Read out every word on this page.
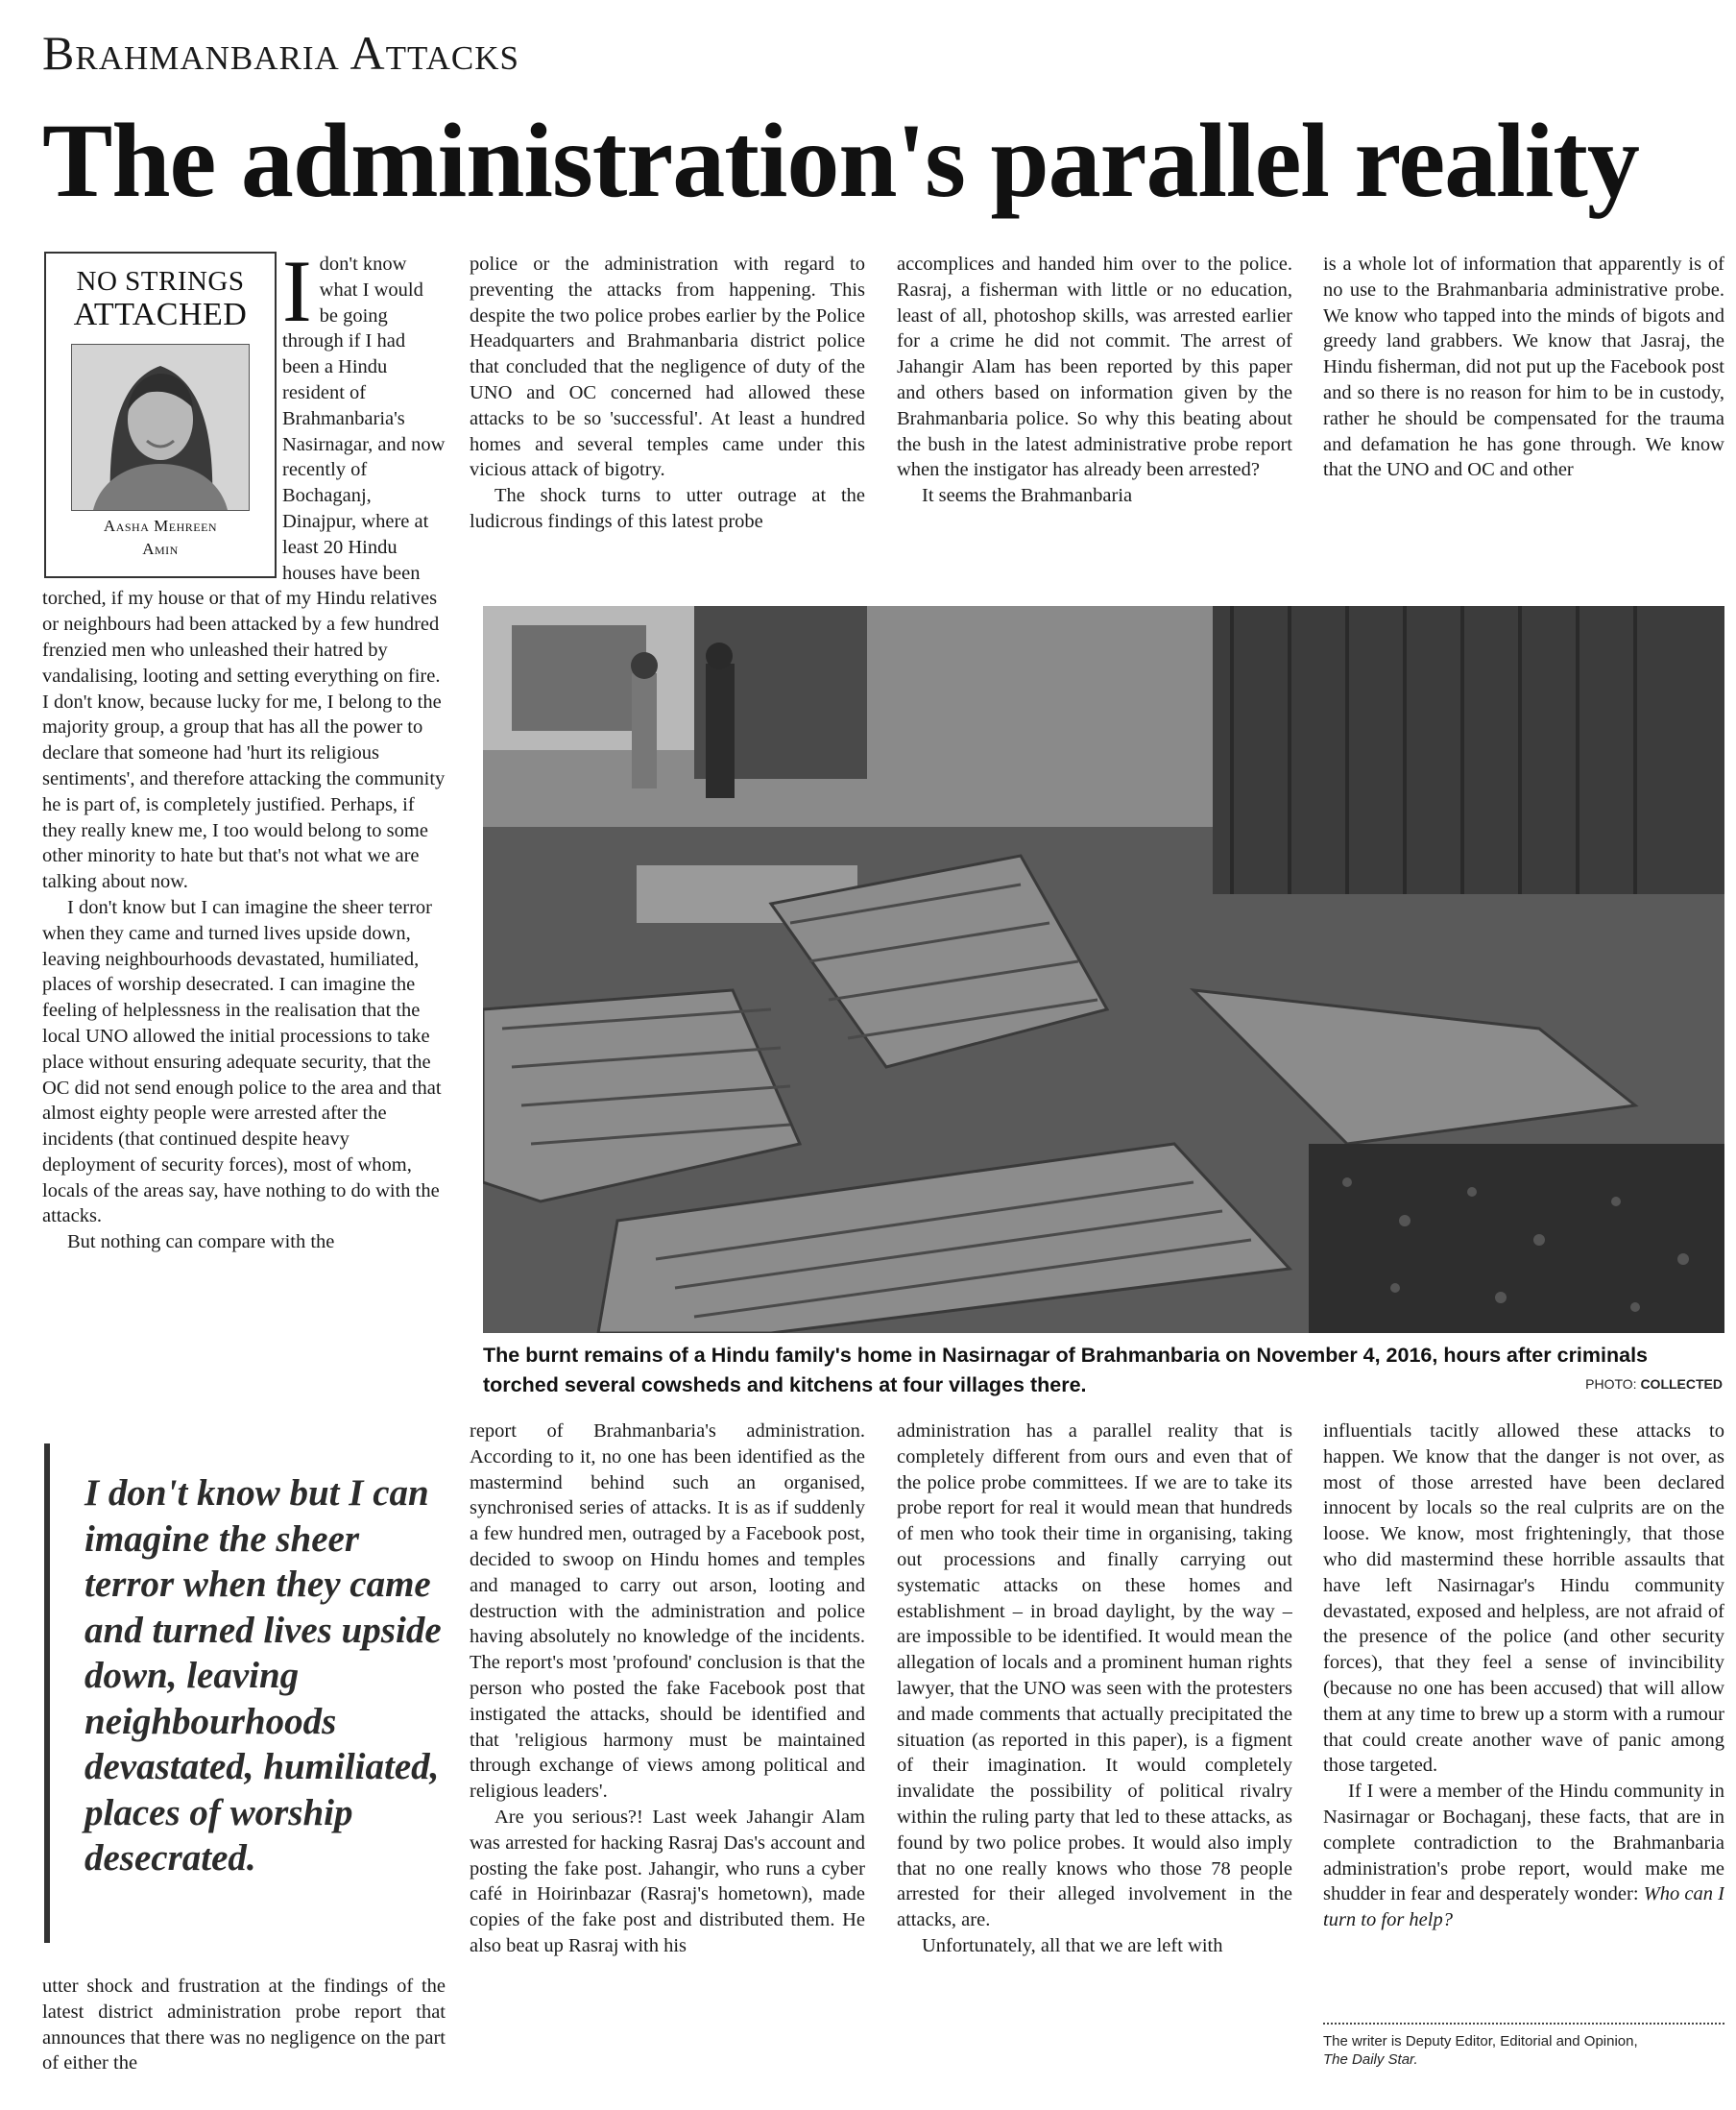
Brahmanbaria Attacks
The administration's parallel reality

I don't know what I would be going through if I had been a Hindu resident of Brahmanbaria's Nasirnagar, and now recently of Bochaganj, Dinajpur, where at least 20 Hindu houses have been torched, if my house or that of my Hindu relatives or neighbours had been attacked by a few hundred frenzied men who unleashed their hatred by vandalising, looting and setting everything on fire. I don't know, because lucky for me, I belong to the majority group, a group that has all the power to declare that someone had 'hurt its religious sentiments', and therefore attacking the community he is part of, is completely justified. Perhaps, if they really knew me, I too would belong to some other minority to hate but that's not what we are talking about now.

I don't know but I can imagine the sheer terror when they came and turned lives upside down, leaving neighbourhoods devastated, humiliated, places of worship desecrated. I can imagine the feeling of helplessness in the realisation that the local UNO allowed the initial processions to take place without ensuring adequate security, that the OC did not send enough police to the area and that almost eighty people were arrested after the incidents (that continued despite heavy deployment of security forces), most of whom, locals of the areas say, have nothing to do with the attacks.

But nothing can compare with the

NO STRINGS
ATTACHED
Aasha Mehreen
Amin

police or the administration with regard to preventing the attacks from happening. This despite the two police probes earlier by the Police Headquarters and Brahmanbaria district police that concluded that the negligence of duty of the UNO and OC concerned had allowed these attacks to be so 'successful'. At least a hundred homes and several temples came under this vicious attack of bigotry.

The shock turns to utter outrage at the ludicrous findings of this latest probe

accomplices and handed him over to the police. Rasraj, a fisherman with little or no education, least of all, photoshop skills, was arrested earlier for a crime he did not commit. The arrest of Jahangir Alam has been reported by this paper and others based on information given by the Brahmanbaria police. So why this beating about the bush in the latest administrative probe report when the instigator has already been arrested?

It seems the Brahmanbaria

is a whole lot of information that apparently is of no use to the Brahmanbaria administrative probe. We know who tapped into the minds of bigots and greedy land grabbers. We know that Jasraj, the Hindu fisherman, did not put up the Facebook post and so there is no reason for him to be in custody, rather he should be compensated for the trauma and defamation he has gone through. We know that the UNO and OC and other

The burnt remains of a Hindu family's home in Nasirnagar of Brahmanbaria on November 4, 2016, hours after criminals torched several cowsheds and kitchens at four villages there.	PHOTO: COLLECTED
I don't know but I can imagine the sheer terror when they came and turned lives upside down, leaving neighbourhoods devastated, humiliated, places of worship desecrated.
utter shock and frustration at the findings of the latest district administration probe report that announces that there was no negligence on the part of either the

report of Brahmanbaria's administration. According to it, no one has been identified as the mastermind behind such an organised, synchronised series of attacks. It is as if suddenly a few hundred men, outraged by a Facebook post, decided to swoop on Hindu homes and temples and managed to carry out arson, looting and destruction with the administration and police having absolutely no knowledge of the incidents. The report's most 'profound' conclusion is that the person who posted the fake Facebook post that instigated the attacks, should be identified and that 'religious harmony must be maintained through exchange of views among political and religious leaders'.

Are you serious?! Last week Jahangir Alam was arrested for hacking Rasraj Das's account and posting the fake post. Jahangir, who runs a cyber café in Hoirinbazar (Rasraj's hometown), made copies of the fake post and distributed them. He also beat up Rasraj with his

administration has a parallel reality that is completely different from ours and even that of the police probe committees. If we are to take its probe report for real it would mean that hundreds of men who took their time in organising, taking out processions and finally carrying out systematic attacks on these homes and establishment – in broad daylight, by the way – are impossible to be identified. It would mean the allegation of locals and a prominent human rights lawyer, that the UNO was seen with the protesters and made comments that actually precipitated the situation (as reported in this paper), is a figment of their imagination. It would completely invalidate the possibility of political rivalry within the ruling party that led to these attacks, as found by two police probes. It would also imply that no one really knows who those 78 people arrested for their alleged involvement in the attacks, are.

Unfortunately, all that we are left with

influentials tacitly allowed these attacks to happen. We know that the danger is not over, as most of those arrested have been declared innocent by locals so the real culprits are on the loose. We know, most frighteningly, that those who did mastermind these horrible assaults that have left Nasirnagar's Hindu community devastated, exposed and helpless, are not afraid of the presence of the police (and other security forces), that they feel a sense of invincibility (because no one has been accused) that will allow them at any time to brew up a storm with a rumour that could create another wave of panic among those targeted.

If I were a member of the Hindu community in Nasirnagar or Bochaganj, these facts, that are in complete contradiction to the Brahmanbaria administration's probe report, would make me shudder in fear and desperately wonder: Who can I turn to for help?

The writer is Deputy Editor, Editorial and Opinion,
The Daily Star.
